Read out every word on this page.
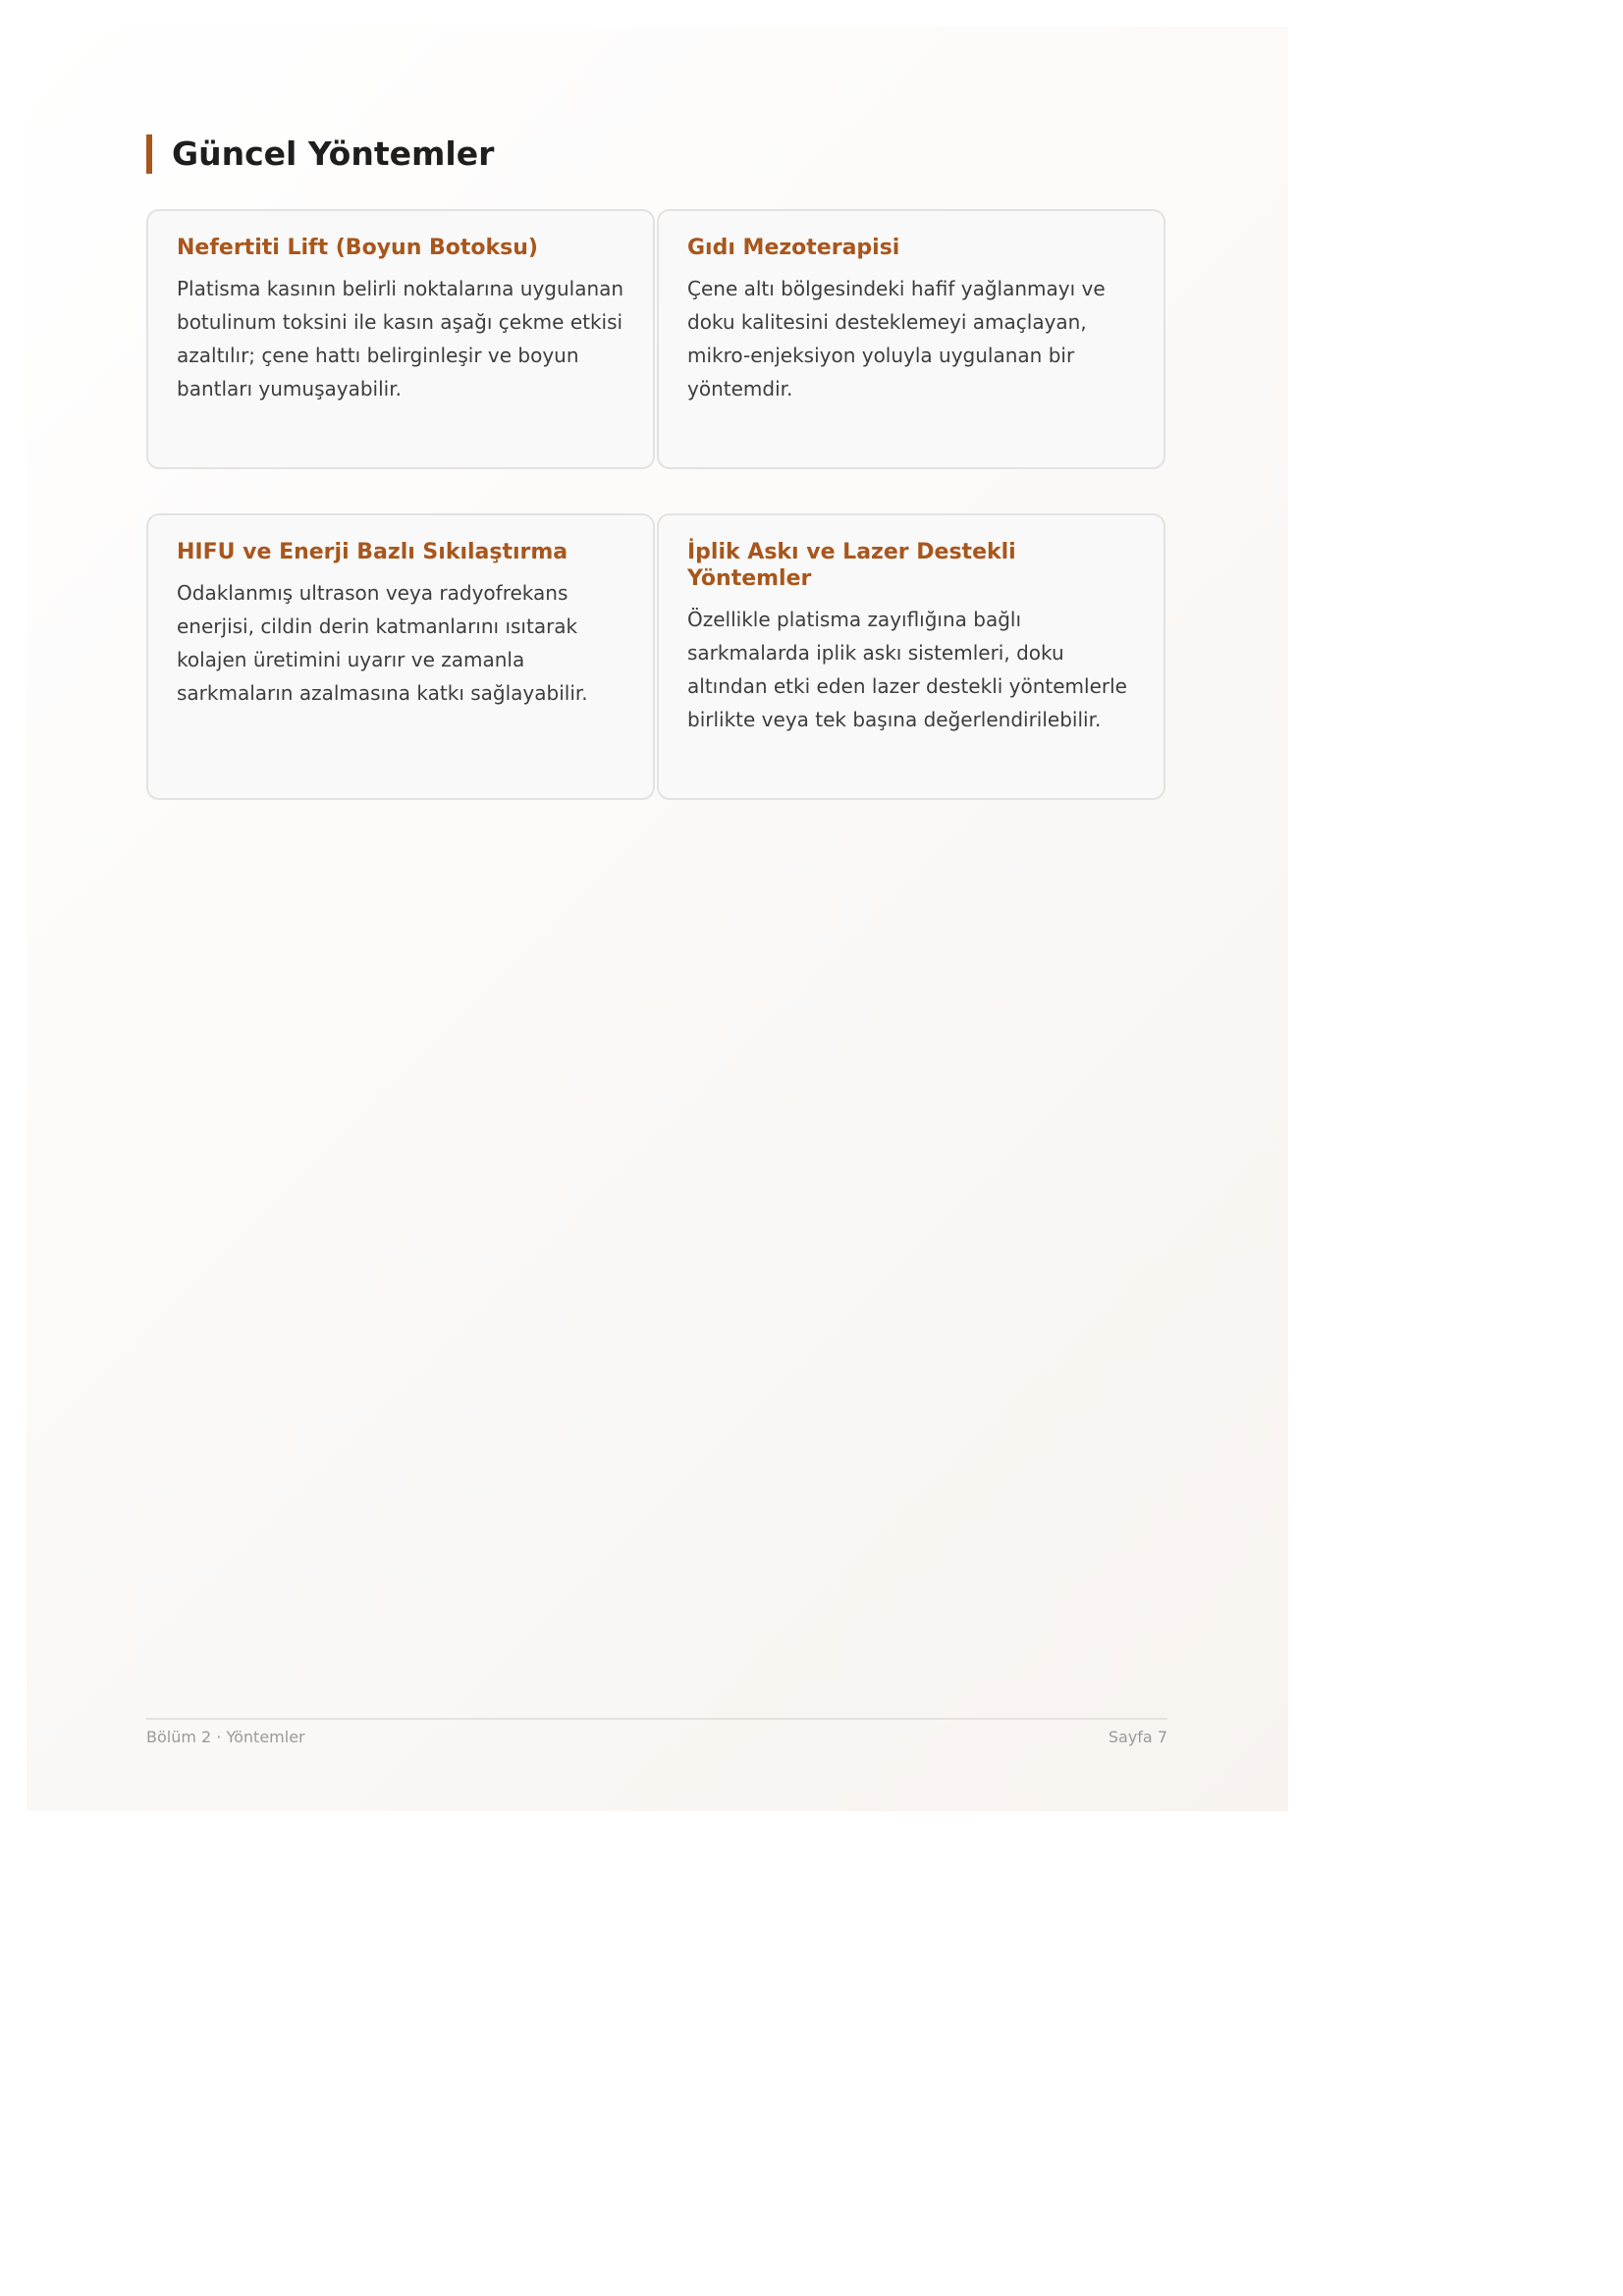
Güncel Yöntemler
Nefertiti Lift (Boyun Botoksu)

Platisma kasının belirli noktalarına uygulanan botulinum toksini ile kasın aşağı çekme etkisi azaltılır; çene hattı belirginleşir ve boyun bantları yumuşayabilir.

Gıdı Mezoterapisi

Çene altı bölgesindeki hafif yağlanmayı ve doku kalitesini desteklemeyi amaçlayan, mikro-enjeksiyon yoluyla uygulanan bir yöntemdir.

HIFU ve Enerji Bazlı Sıkılaştırma

Odaklanmış ultrason veya radyofrekans enerjisi, cildin derin katmanlarını ısıtarak kolajen üretimini uyarır ve zamanla sarkmaların azalmasına katkı sağlayabilir.

İplik Askı ve Lazer Destekli Yöntemler

Özellikle platisma zayıflığına bağlı sarkmalarda iplik askı sistemleri, doku altından etki eden lazer destekli yöntemlerle birlikte veya tek başına değerlendirilebilir.

Bölüm 2 · Yöntemler	Sayfa 7
